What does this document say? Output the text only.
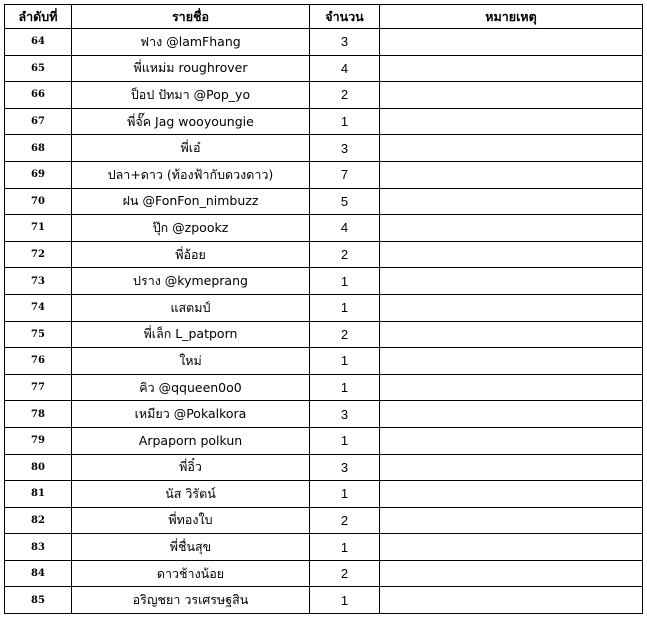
ลำดับที่	รายชื่อ	จำนวน	หมายเหตุ
64	ฟาง @lamFhang	3	
65	พี่แหม่ม roughrover	4	
66	ป็อป ปัทมา @Pop_yo	2	
67	พี่จั๊ค Jag wooyoungie	1	
68	พี่เอ๋	3	
69	ปลา+ดาว (ท้องฟ้ากับดวงดาว)	7	
70	ฝน @FonFon_nimbuzz	5	
71	ปุ๊ก @zpookz	4	
72	พี่อ้อย	2	
73	ปราง @kymeprang	1	
74	แสตมป์	1	
75	พี่เล็ก L_patporn	2	
76	ใหม่	1	
77	คิว @qqueen0o0	1	
78	เหมียว @Pokalkora	3	
79	Arpaporn polkun	1	
80	พี่อิ๋ว	3	
81	นัส วิรัตน์	1	
82	พี่ทองใบ	2	
83	พี่ชื่นสุข	1	
84	ดาวช้างน้อย	2	
85	อริญชยา วรเศรษฐสิน	1	
